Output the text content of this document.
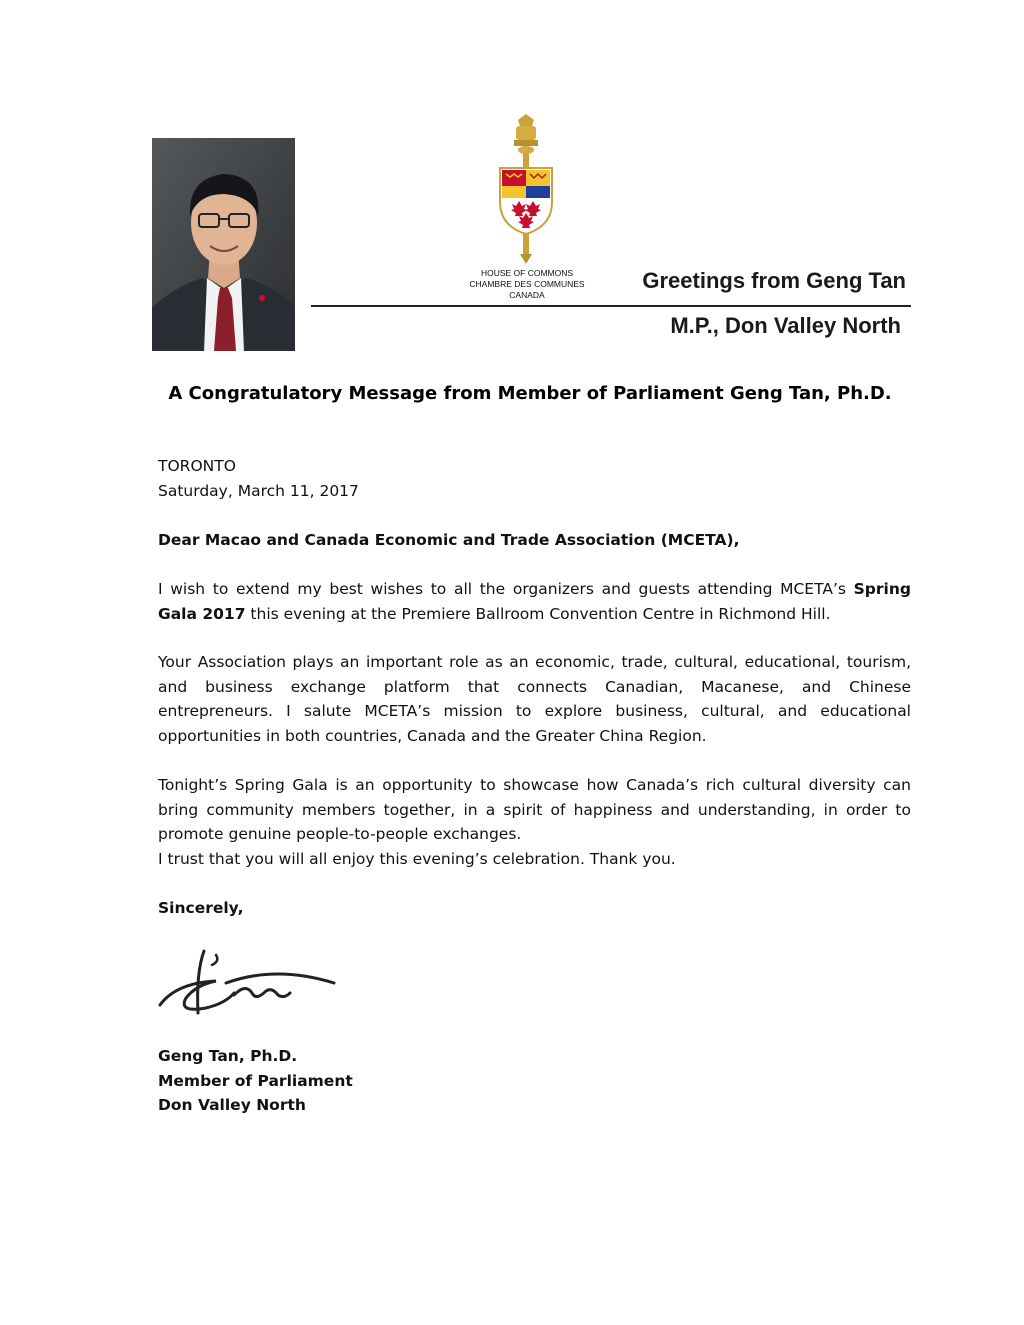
HOUSE OF COMMONS
CHAMBRE DES COMMUNES
CANADA
Greetings from Geng Tan
M.P., Don Valley North
A Congratulatory Message from Member of Parliament Geng Tan, Ph.D.
TORONTO
Saturday, March 11, 2017
Dear Macao and Canada Economic and Trade Association (MCETA),
I wish to extend my best wishes to all the organizers and guests attending MCETA’s Spring Gala 2017 this evening at the Premiere Ballroom Convention Centre in Richmond Hill.
Your Association plays an important role as an economic, trade, cultural, educational, tourism, and business exchange platform that connects Canadian, Macanese, and Chinese entrepreneurs. I salute MCETA’s mission to explore business, cultural, and educational opportunities in both countries, Canada and the Greater China Region.
Tonight’s Spring Gala is an opportunity to showcase how Canada’s rich cultural diversity can bring community members together, in a spirit of happiness and understanding, in order to promote genuine people-to-people exchanges.
I trust that you will all enjoy this evening’s celebration. Thank you.
Sincerely,
Geng Tan, Ph.D.
Member of Parliament
Don Valley North
